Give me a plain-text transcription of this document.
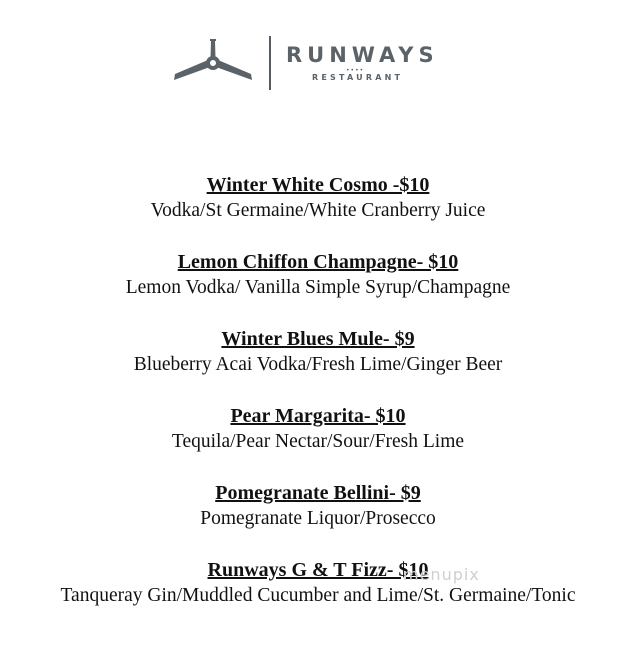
RUNWAYS
••••
RESTAURANT
Winter White Cosmo -$10
Vodka/St Germaine/White Cranberry Juice
Lemon Chiffon Champagne- $10
Lemon Vodka/ Vanilla Simple Syrup/Champagne
Winter Blues Mule- $9
Blueberry Acai Vodka/Fresh Lime/Ginger Beer
Pear Margarita- $10
Tequila/Pear Nectar/Sour/Fresh Lime
Pomegranate Bellini- $9
Pomegranate Liquor/Prosecco
Runways G & T Fizz- $10
Tanqueray Gin/Muddled Cucumber and Lime/St. Germaine/Tonic
menupix
